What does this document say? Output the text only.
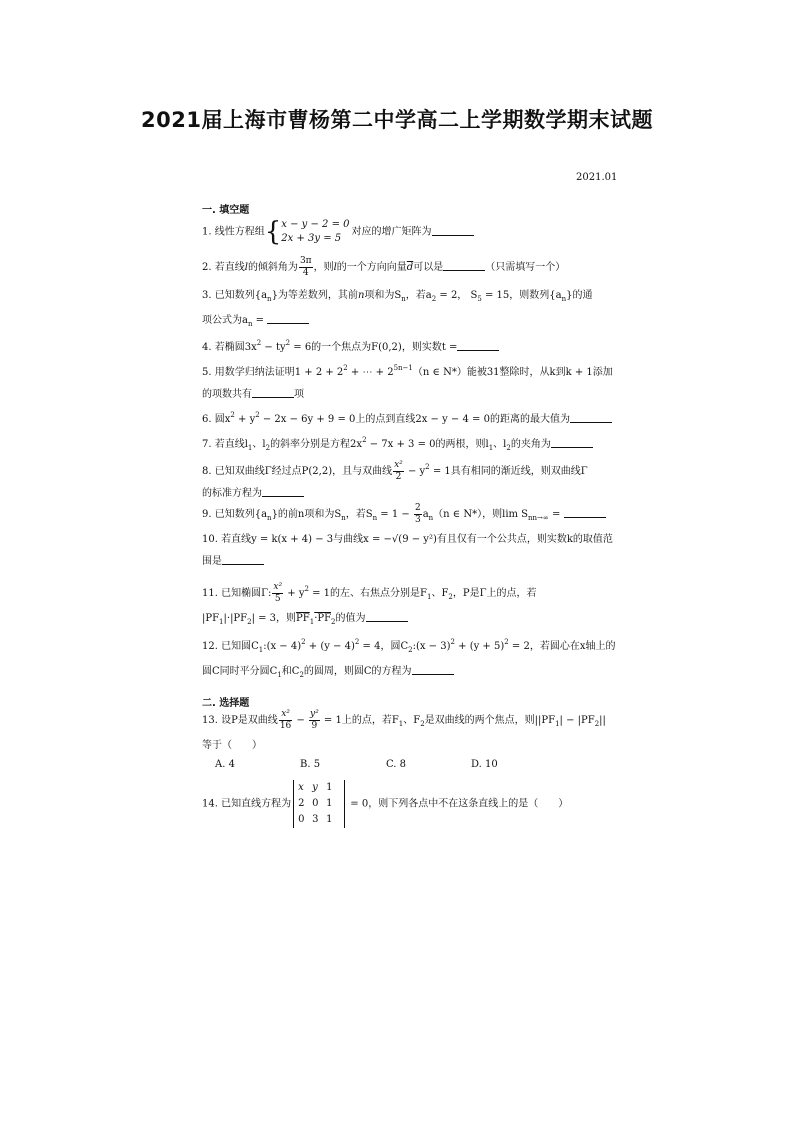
2021届上海市曹杨第二中学高二上学期数学期末试题
2021.01
一. 填空题

1. 线性方程组{x − y − 2 = 0
2x + 3y = 5对应的增广矩阵为

2. 若直线l的倾斜角为 $\frac{3\pi}{4}$ ，则l的一个方向向量$\overline{d}$可以是	（只需填写一个）

3. 已知数列$\{a_n\}$为等差数列，其前n项和为$S_n$，若$a_2 = 2$， $S_5 = 15$，则数列$\{a_n\}$的通

项公式为$a_n$ =

4. 若椭圆$3x^2 - ty^2 = 6$的一个焦点为F(0,2)，则实数t =

5. 用数学归纳法证明$1 + 2 + 2^2$ + ⋯ + $2^{5n-1}(n$ ∈ N*）能被31整除时，从k到k + 1添加

的项数共有	项

6. 圆$x^2 + y^2 - 2x - 6y + 9 = 0$上的点到直线2x − y − 4 = 0的距离的最大值为

7. 若直线$l_1$、$l_2$的斜率分别是方程$2x^2 - 7x + 3 = 0$的两根，则$l_1$、$l_2$的夹角为

8. 已知双曲线Γ经过点P(2,2)，且与双曲线 $\frac{\text{x²}}{2} - y^2 = 1$具有相同的渐近线，则双曲线Γ

的标准方程为

9. 已知数列$\{a_n\}$的前n项和为$S_n$，若$S_n = 1 - \frac{2}{3} a_n(n$ ∈ N*），则$\lim S_{nn\to\infty}$ =

10. 若直线y = k(x + 4) − 3与曲线x = −√(9 − y²)有且仅有一个公共点，则实数k的取值范

围是

11. 已知椭圆Γ: $\frac{\text{x²}}{5} + y^2 = 1$的左、右焦点分别是$F_1$、$F_2$，P是Γ上的点，若

$|PF_1|\cdot|PF_2| = 3$，则$\overline{PF}_1\cdot PF_2$的值为

12. 已知圆$C_1:(x - 4)^2 + (y - 4)^2 = 4$，圆$C_2:(x - 3)^2 + (y + 5)^2 = 2$，若圆心在x轴上的

圆C同时平分圆$C_1$和$C_2$的圆周，则圆C的方程为

二. 选择题

13. 设P是双曲线 $\frac{\text{x²}}{16} - \frac{\text{y²}}{9} = 1$上的点，若$F_1$、$F_2$是双曲线的两个焦点，则$||PF_1| - |PF_2||$

等于（　　）

A. 4	B. 5	C. 8	D. 10

14. 已知直线方程为x y 1
2 0 1
0 3 1 = 0，则下列各点中不在这条直线上的是（　　）
